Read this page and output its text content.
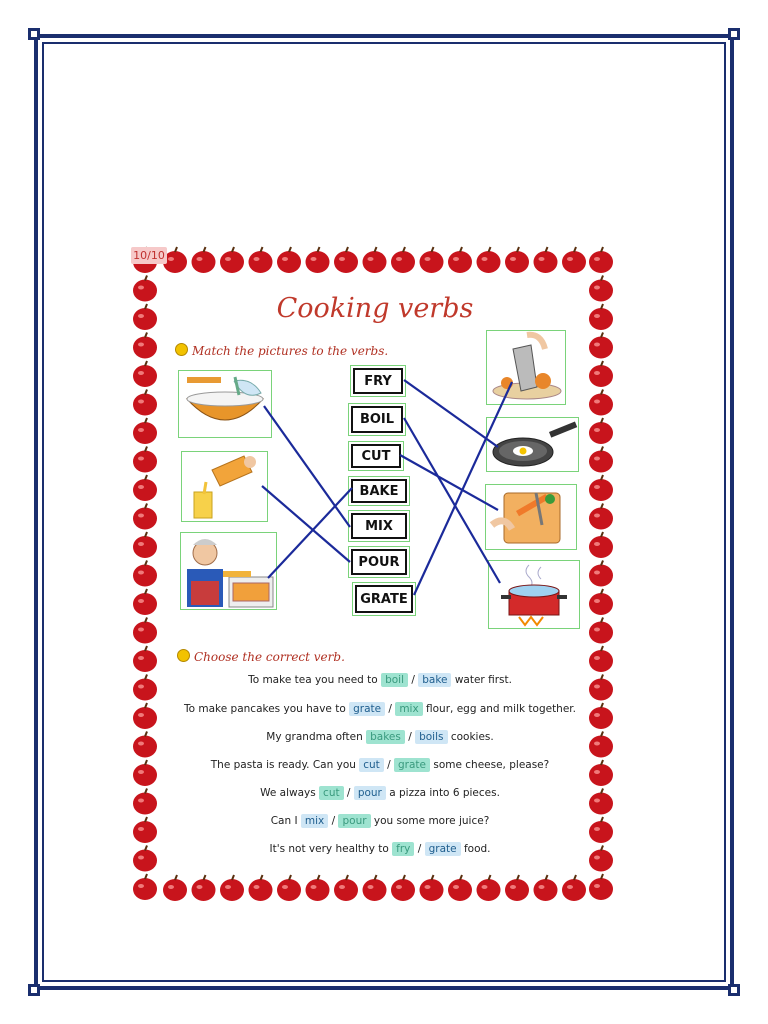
10/10
Cooking verbs
Match the pictures to the verbs.
FRY
BOIL
CUT
BAKE
MIX
POUR
GRATE
Choose the correct verb.
To make tea you need to boil / bake water first.
To make pancakes you have to grate / mix flour, egg and milk together.
My grandma often bakes / boils cookies.
The pasta is ready. Can you cut / grate some cheese, please?
We always cut / pour a pizza into 6 pieces.
Can I mix / pour you some more juice?
It's not very healthy to fry / grate food.
